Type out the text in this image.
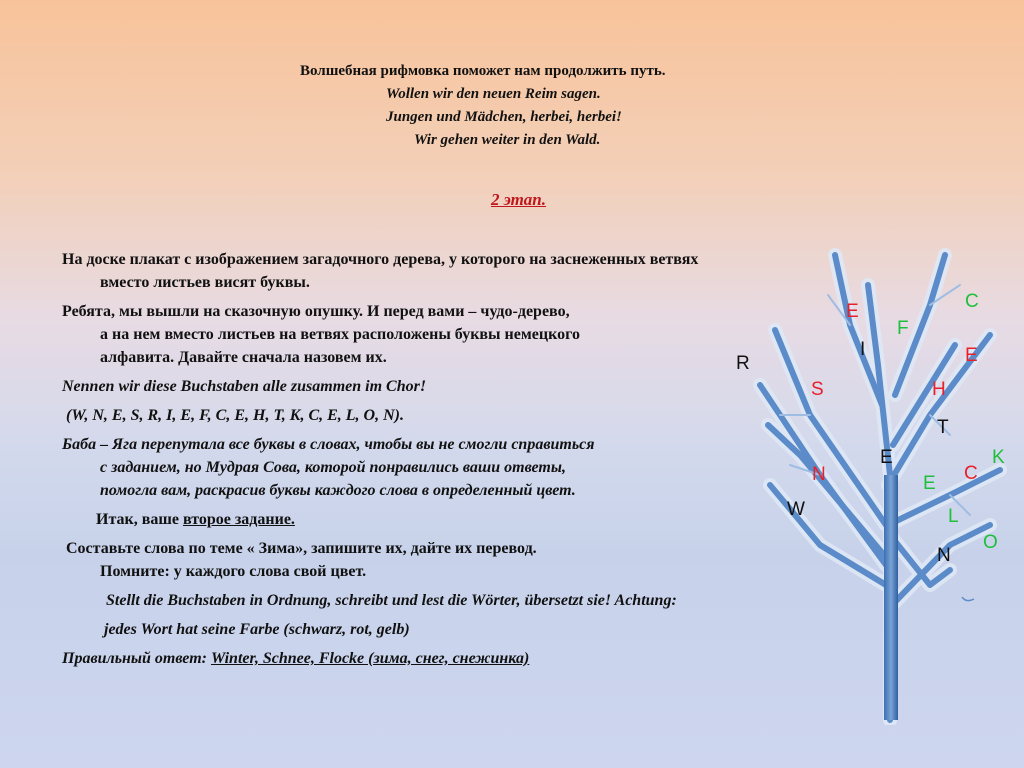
Волшебная рифмовка поможет нам продолжить путь.
Wollen wir den neuen Reim sagen.
Jungen und Mädchen, herbei, herbei!
Wir gehen weiter in den Wald.
2 этап.
На доске плакат с изображением загадочного дерева, у которого на заснеженных ветвях
вместо листьев висят буквы.
Ребята, мы вышли на сказочную опушку. И перед вами – чудо-дерево,
а на нем вместо листьев на ветвях расположены буквы немецкого
алфавита. Давайте сначала назовем их.
Nennen wir diese Buchstaben alle zusammen im Chor!
(W, N, E, S, R, I, E, F, C, E, H, T, K, C, E, L, O, N).
Баба – Яга перепутала все буквы в словах, чтобы вы не смогли справиться
с заданием, но Мудрая Сова, которой понравились ваши ответы,
помогла вам, раскрасив буквы каждого слова в определенный цвет.
Итак, ваше второе задание.
Составьте слова по теме « Зима», запишите их, дайте их перевод.
Помните: у каждого слова свой цвет.
Stellt die Buchstaben in Ordnung, schreibt und lest die Wörter, übersetzt sie! Achtung:
jedes Wort hat seine Farbe (schwarz, rot, gelb)
Правильный ответ: Winter, Schnee, Flocke (зима, снег, снежинка)
E	C
F
I	E
R
S	H
T
E	K
N	C
E
W	L
O
N
